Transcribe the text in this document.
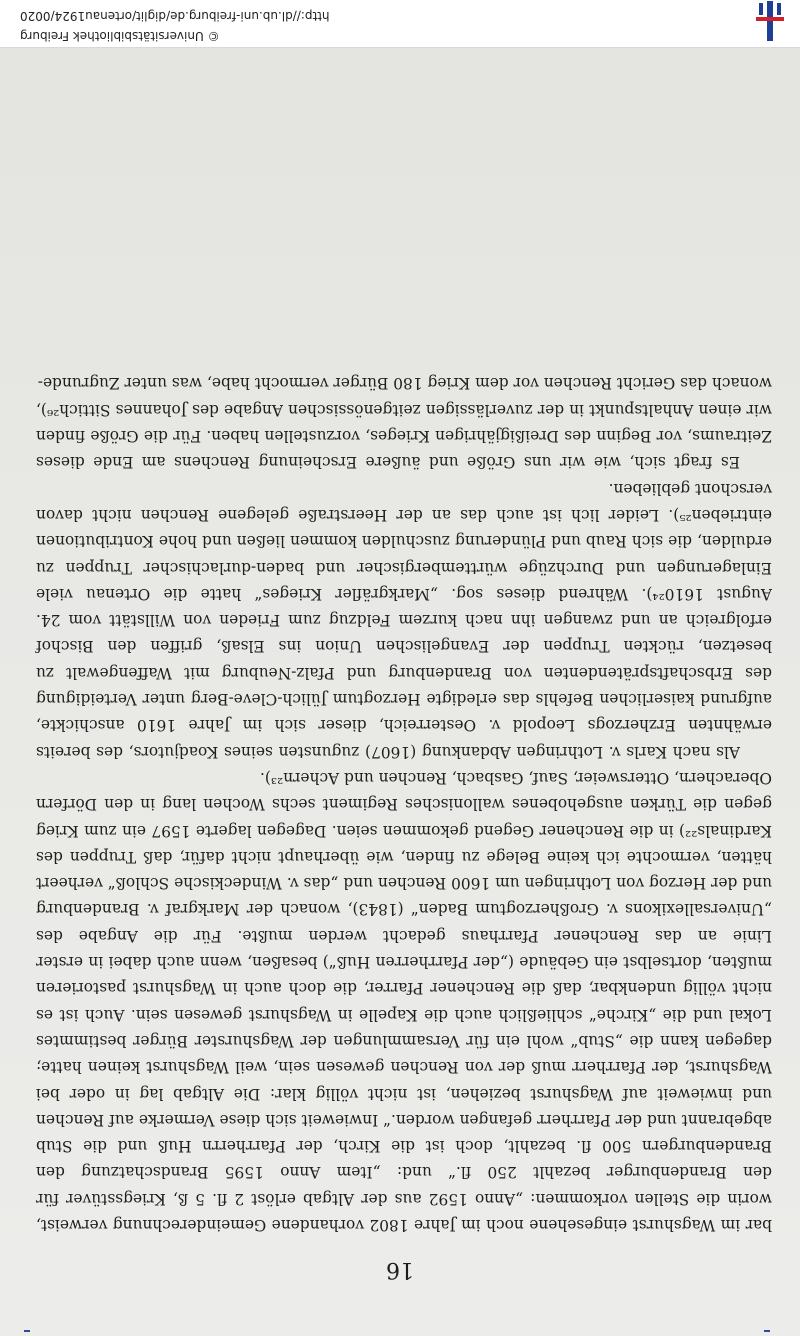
http://dl.ub.uni-freiburg.de/diglit/ortenau1924/0020
© Universitätsbibliothek Freiburg
16

bar im Wagshurst eingesehene noch im Jahre 1802 vorhandene Gemeinderechnung verweist, worin die Stellen vorkommen: „Anno 1592 aus der Altgab erlöst 2 fl. 5 ß, Kriegsstüver für den Brandenburger bezahlt 250 fl.“ und: „Item Anno 1595 Brandschatzung den Brandenburgern 500 fl. bezahlt, doch ist die Kirch, der Pfarrherrn Huß und die Stub abgebrannt und der Pfarrherr gefangen worden.“ Inwieweit sich diese Vermerke auf Renchen und inwieweit auf Wagshurst beziehen, ist nicht völlig klar: Die Altgab lag in oder bei Wagshurst, der Pfarrherr muß der von Renchen gewesen sein, weil Wagshurst keinen hatte; dagegen kann die „Stub“ wohl ein für Versammlungen der Wagshurster Bürger bestimmtes Lokal und die „Kirche“ schließlich auch die Kapelle in Wagshurst gewesen sein. Auch ist es nicht völlig undenkbar, daß die Renchener Pfarrer, die doch auch in Wagshurst pastorieren mußten, dortselbst ein Gebäude („der Pfarrherren Huß“) besaßen, wenn auch dabei in erster Linie an das Renchener Pfarrhaus gedacht werden mußte. Für die Angabe des „Universallexikons v. Großherzogtum Baden“ (1843), wonach der Markgraf v. Brandenburg und der Herzog von Lothringen um 1600 Renchen und „das v. Windeckische Schloß“ verheert hätten, vermochte ich keine Belege zu finden, wie überhaupt nicht dafür, daß Truppen des Kardinals²²) in die Renchener Gegend gekommen seien. Dagegen lagerte 1597 ein zum Krieg gegen die Türken ausgehobenes wallonisches Regiment sechs Wochen lang in den Dörfern Oberachern, Ottersweier, Sauf, Gasbach, Renchen und Achern²³).

Als nach Karls v. Lothringen Abdankung (1607) zugunsten seines Koadjutors, des bereits erwähnten Erzherzogs Leopold v. Oesterreich, dieser sich im Jahre 1610 anschickte, aufgrund kaiserlichen Befehls das erledigte Herzogtum Jülich-Cleve-Berg unter Verteidigung des Erbschaftsprätendenten von Brandenburg und Pfalz-Neuburg mit Waffengewalt zu besetzen, rückten Truppen der Evangelischen Union ins Elsaß, griffen den Bischof erfolgreich an und zwangen ihn nach kurzem Feldzug zum Frieden von Willstätt vom 24. August 1610²⁴). Während dieses sog. „Markgräfler Krieges“ hatte die Ortenau viele Einlagerungen und Durchzüge württembergischer und baden-durlachischer Truppen zu erdulden, die sich Raub und Plünderung zuschulden kommen ließen und hohe Kontributionen eintrieben²⁵). Leider lich ist auch das an der Heerstraße gelegene Renchen nicht davon verschont geblieben.

Es fragt sich, wie wir uns Größe und äußere Erscheinung Renchens am Ende dieses Zeitraums, vor Beginn des Dreißigjährigen Krieges, vorzustellen haben. Für die Größe finden wir einen Anhaltspunkt in der zuverlässigen zeitgenössischen Angabe des Johannes Sittich²⁶), wonach das Gericht Renchen vor dem Krieg 180 Bürger vermocht habe, was unter Zugrunde-
